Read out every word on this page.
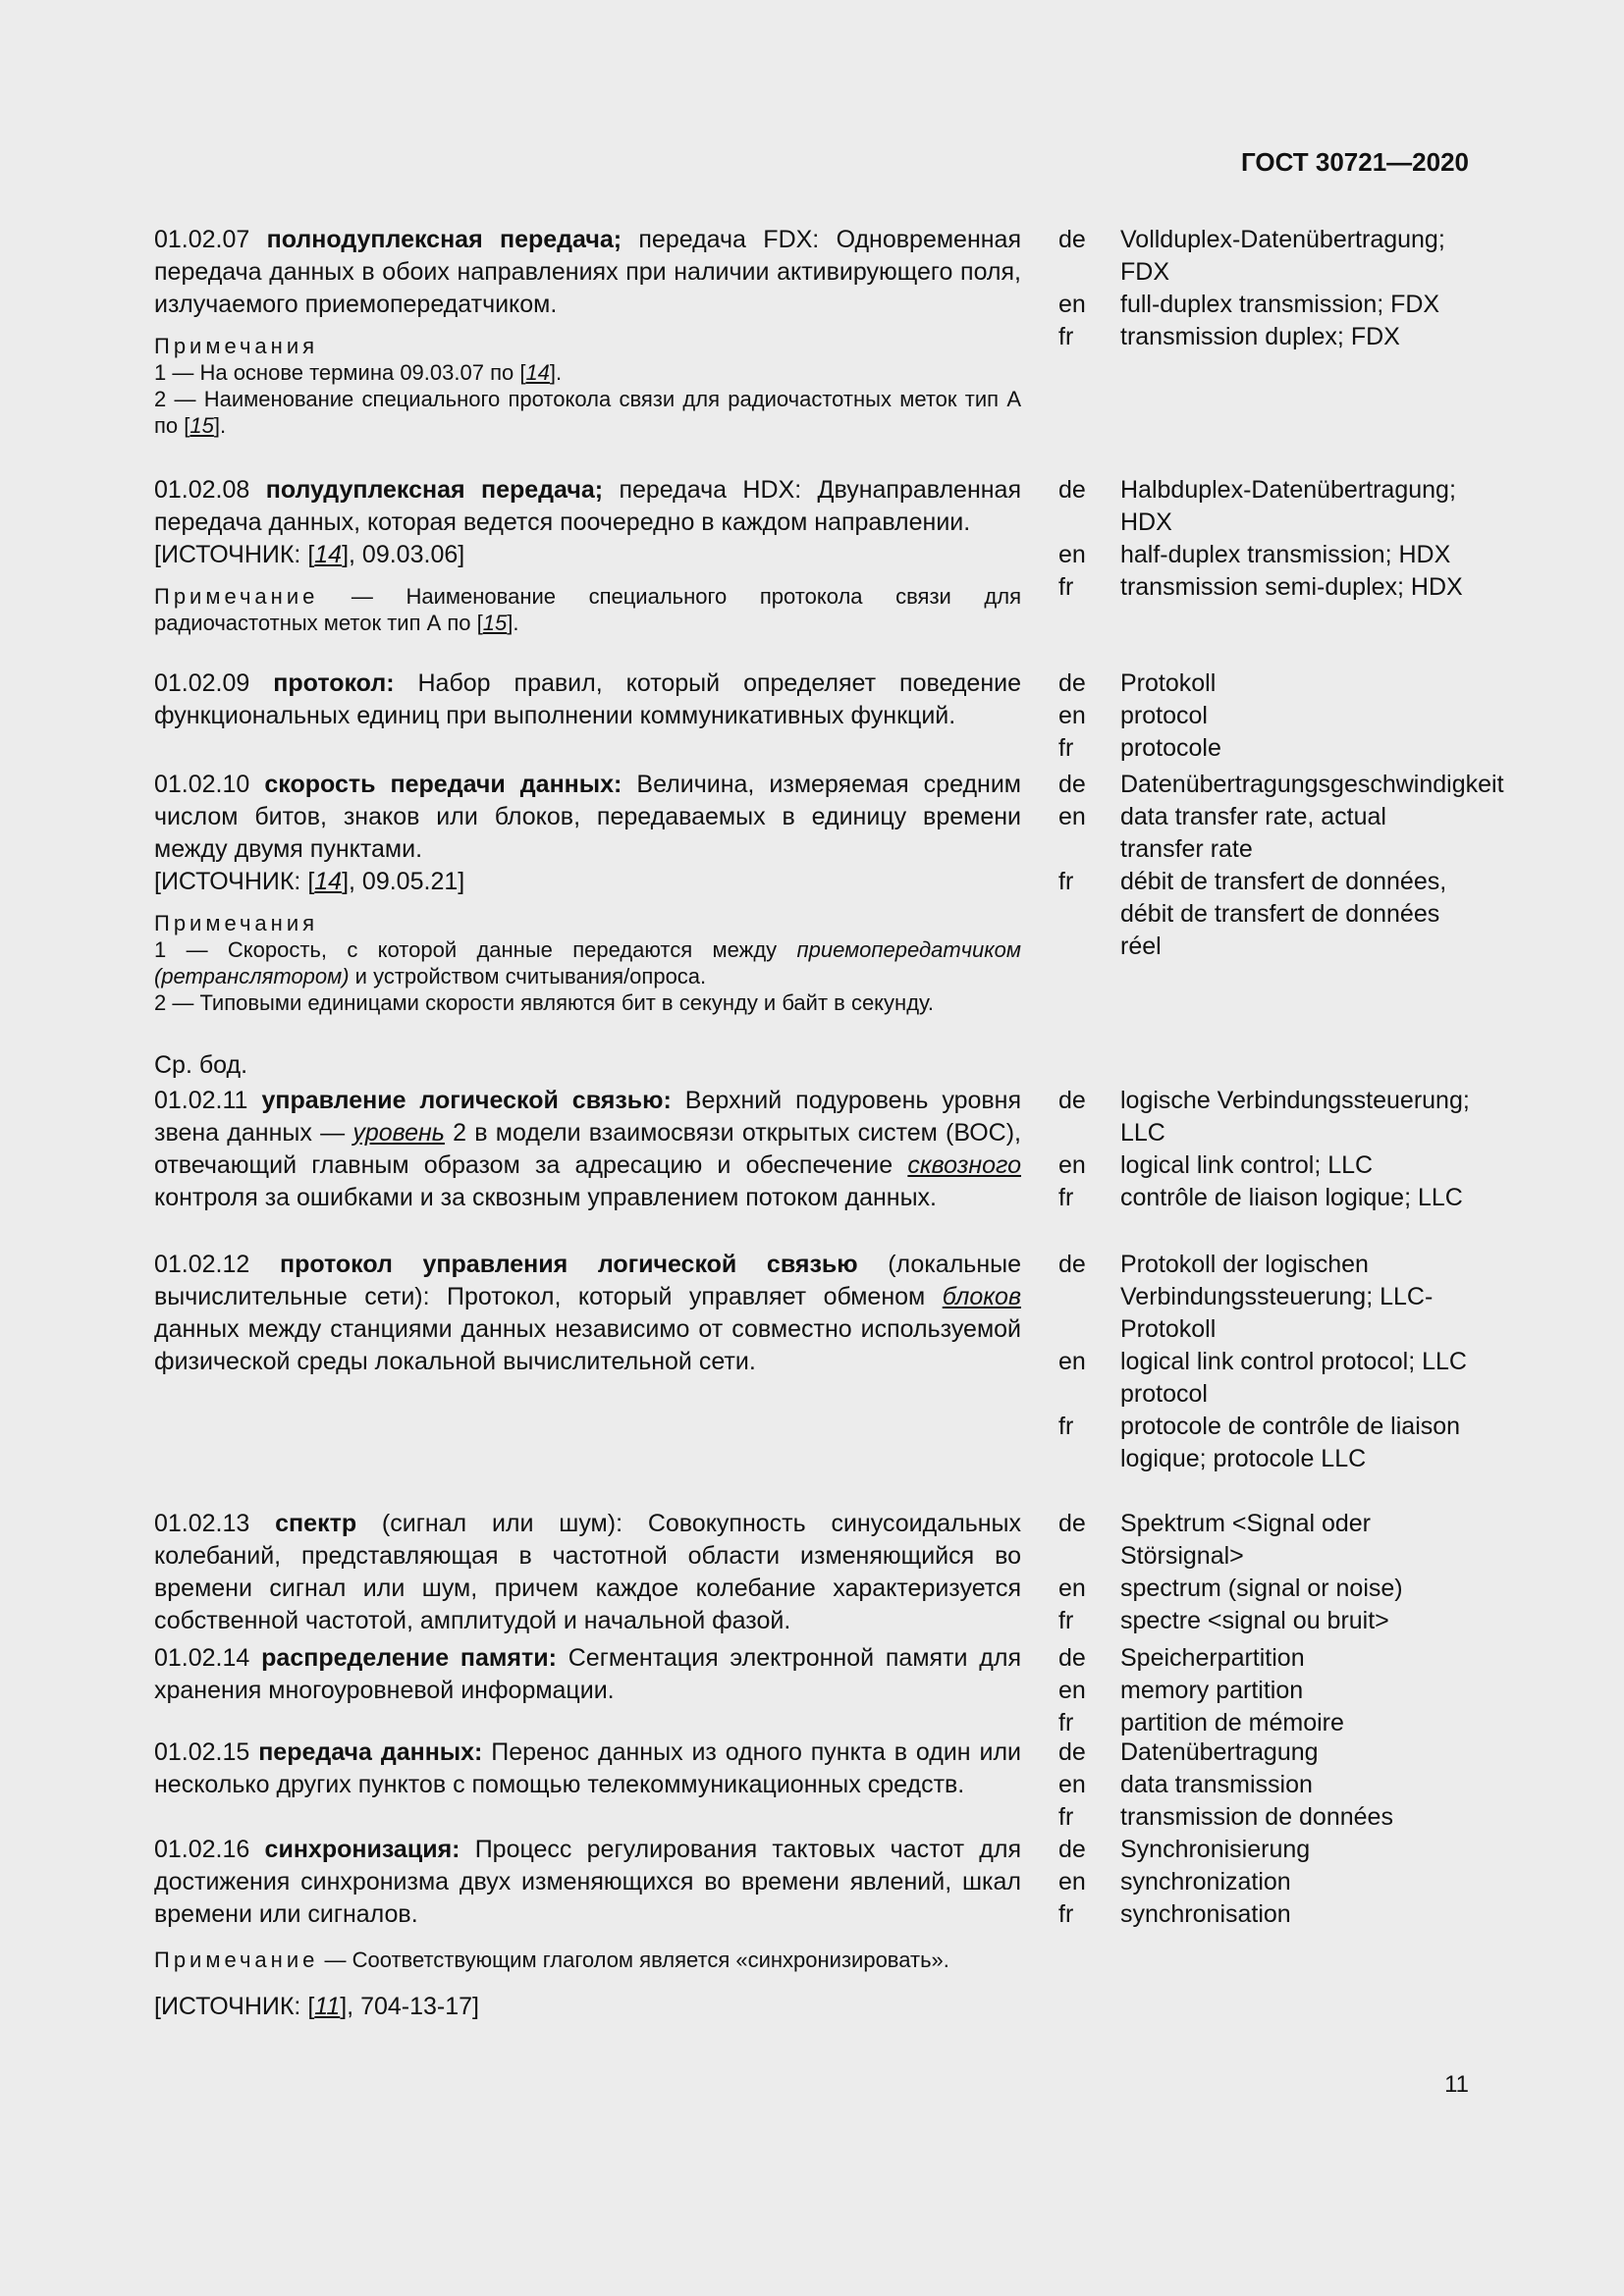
ГОСТ 30721—2020

01.02.07 полнодуплексная передача; передача FDX: Одновременная передача данных в обоих направлениях при наличии активирующего поля, излучаемого приемопередатчиком.

Примечания

1 — На основе термина 09.03.07 по [14].

2 — Наименование специального протокола связи для радиочастотных меток тип А по [15].

de	Vollduplex-Datenübertragung; FDX
en	full-duplex transmission; FDX
fr	transmission duplex; FDX

01.02.08 полудуплексная передача; передача HDX: Двунаправленная передача данных, которая ведется поочередно в каждом направлении.

[ИСТОЧНИК: [14], 09.03.06]

Примечание — Наименование специального протокола связи для радиочастотных меток тип А по [15].

de	Halbduplex-Datenübertragung; HDX
en	half-duplex transmission; HDX
fr	transmission semi-duplex; HDX

01.02.09 протокол: Набор правил, который определяет поведение функциональных единиц при выполнении коммуникативных функций.

de	Protokoll
en	protocol
fr	protocole

01.02.10 скорость передачи данных: Величина, измеряемая средним числом битов, знаков или блоков, передаваемых в единицу времени между двумя пунктами.

[ИСТОЧНИК: [14], 09.05.21]

Примечания

1 — Скорость, с которой данные передаются между приемопередатчиком (ретрансляторoм) и устройством считывания/опроса.

2 — Типовыми единицами скорости являются бит в секунду и байт в секунду.

de	Datenübertragungsgeschwindigkeit
en	data transfer rate, actual transfer rate
fr	débit de transfert de données, débit de transfert de données réel
Ср. бод.

01.02.11 управление логической связью: Верхний подуровень уровня звена данных — уровень 2 в модели взаимосвязи открытых систем (ВОС), отвечающий главным образом за адресацию и обеспечение сквозного контроля за ошибками и за сквозным управлением потоком данных.

de	logische Verbindungssteuerung; LLC
en	logical link control; LLC
fr	contrôle de liaison logique; LLC

01.02.12 протокол управления логической связью (локальные вычислительные сети): Протокол, который управляет обменом блоков данных между станциями данных независимо от совместно используемой физической среды локальной вычислительной сети.

de	Protokoll der logischen Verbindungssteuerung; LLC-Protokoll
en	logical link control protocol; LLC protocol
fr	protocole de contrôle de liaison logique; protocole LLC

01.02.13 спектр (сигнал или шум): Совокупность синусоидальных колебаний, представляющая в частотной области изменяющийся во времени сигнал или шум, причем каждое колебание характеризуется собственной частотой, амплитудой и начальной фазой.

de	Spektrum <Signal oder Störsignal>
en	spectrum (signal or noise)
fr	spectre <signal ou bruit>

01.02.14 распределение памяти: Сегментация электронной памяти для хранения многоуровневой информации.

de	Speicherpartition
en	memory partition
fr	partition de mémoire

01.02.15 передача данных: Перенос данных из одного пункта в один или несколько других пунктов с помощью телекоммуникационных средств.

de	Datenübertragung
en	data transmission
fr	transmission de données

01.02.16 синхронизация: Процесс регулирования тактовых частот для достижения синхронизма двух изменяющихся во времени явлений, шкал времени или сигналов.

Примечание — Соответствующим глаголом является «синхронизировать».

[ИСТОЧНИК: [11], 704-13-17]

de	Synchronisierung
en	synchronization
fr	synchronisation
11
